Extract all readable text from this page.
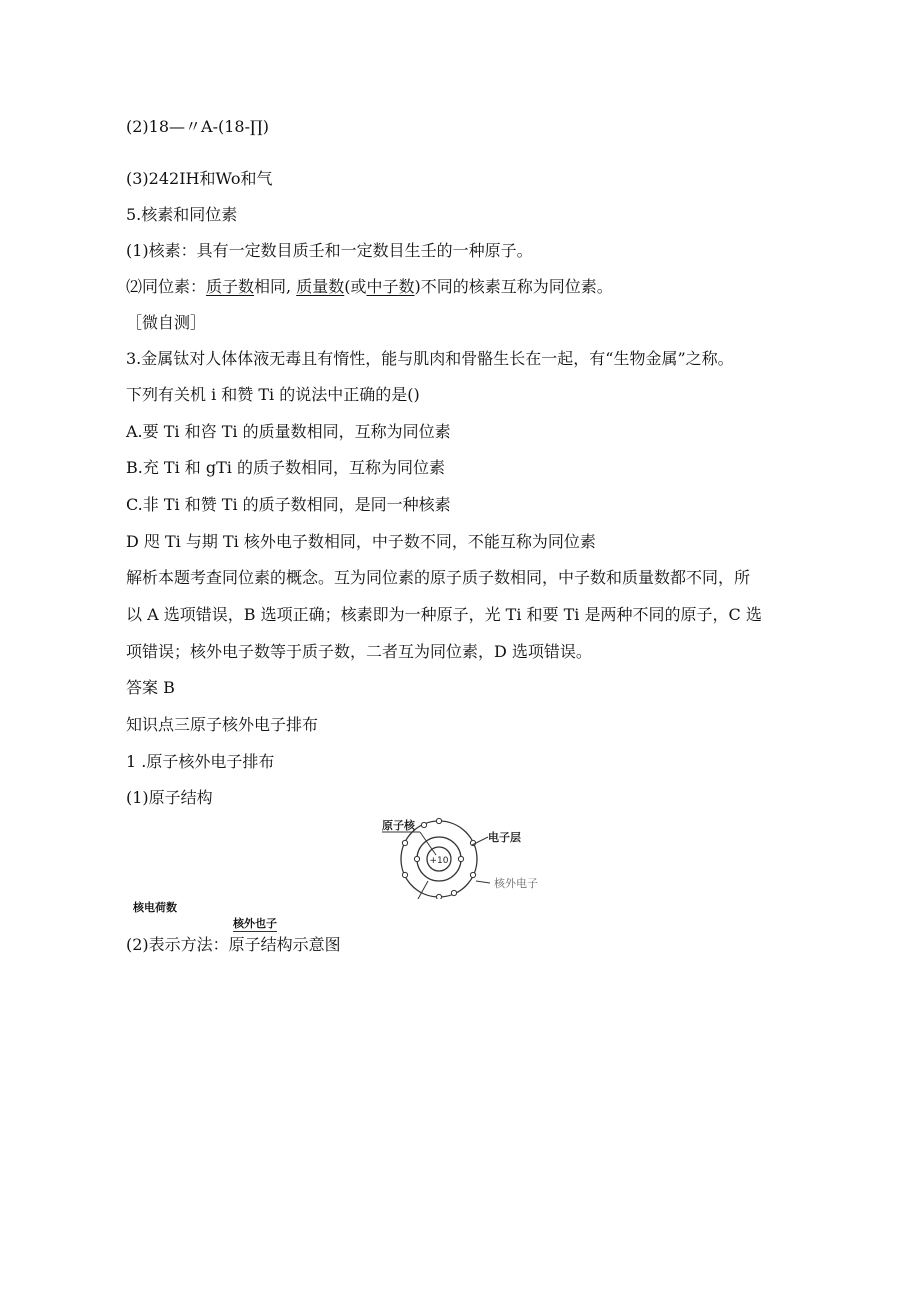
(2)18—〃A-(18-∏)
(3)242IH和Wo和气
5.核素和同位素
(1)核素：具有一定数目质壬和一定数目生壬的一种原子。
⑵同位素：质子数相同, 质量数(或中子数)不同的核素互称为同位素。
［微自测］
3.金属钛对人体体液无毒且有惰性，能与肌肉和骨骼生长在一起，有“生物金属”之称。
下列有关机 i 和赞 Ti 的说法中正确的是()
A.要 Ti 和咨 Ti 的质量数相同，互称为同位素
B.充 Ti 和 gTi 的质子数相同，互称为同位素
C.非 Ti 和赞 Ti 的质子数相同，是同一种核素
D 咫 Ti 与期 Ti 核外电子数相同，中子数不同，不能互称为同位素
解析本题考查同位素的概念。互为同位素的原子质子数相同，中子数和质量数都不同，所
以 A 选项错误，B 选项正确；核素即为一种原子，光 Ti 和要 Ti 是两种不同的原子，C 选
项错误；核外电子数等于质子数，二者互为同位素，D 选项错误。
答案 B
知识点三原子核外电子排布
1 .原子核外电子排布
(1)原子结构
+10
原子核
电子层
核外电子
核电荷数
核外也子
(2)表示方法：原子结构示意图
